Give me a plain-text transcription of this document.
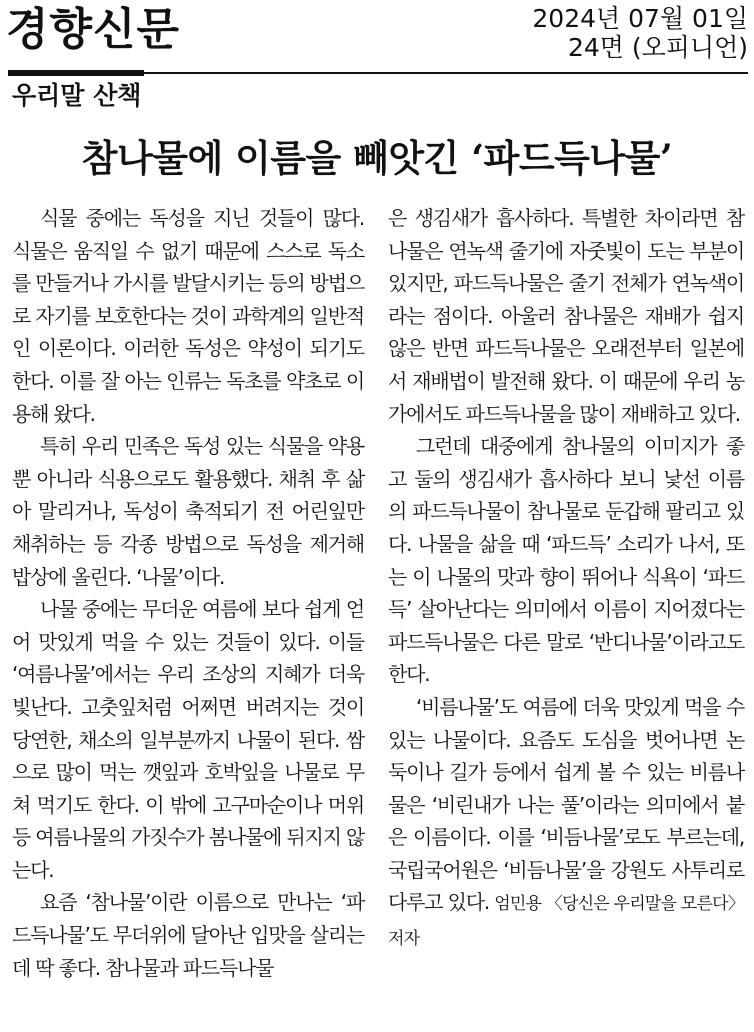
경향신문	2024년 07월 01일
24면 (오피니언)
우리말 산책
참나물에 이름을 빼앗긴 ‘파드득나물’

식물 중에는 독성을 지닌 것들이 많다. 식물은 움직일 수 없기 때문에 스스로 독소를 만들거나 가시를 발달시키는 등의 방법으로 자기를 보호한다는 것이 과학계의 일반적인 이론이다. 이러한 독성은 약성이 되기도 한다. 이를 잘 아는 인류는 독초를 약초로 이용해 왔다.

특히 우리 민족은 독성 있는 식물을 약용뿐 아니라 식용으로도 활용했다. 채취 후 삶아 말리거나, 독성이 축적되기 전 어린잎만 채취하는 등 각종 방법으로 독성을 제거해 밥상에 올린다. ‘나물’이다.

나물 중에는 무더운 여름에 보다 쉽게 얻어 맛있게 먹을 수 있는 것들이 있다. 이들 ‘여름나물’에서는 우리 조상의 지혜가 더욱 빛난다. 고춧잎처럼 어쩌면 버려지는 것이 당연한, 채소의 일부분까지 나물이 된다. 쌈으로 많이 먹는 깻잎과 호박잎을 나물로 무쳐 먹기도 한다. 이 밖에 고구마순이나 머위 등 여름나물의 가짓수가 봄나물에 뒤지지 않는다.

요즘 ‘참나물’이란 이름으로 만나는 ‘파드득나물’도 무더위에 달아난 입맛을 살리는 데 딱 좋다. 참나물과 파드득나물

은 생김새가 흡사하다. 특별한 차이라면 참나물은 연녹색 줄기에 자줏빛이 도는 부분이 있지만, 파드득나물은 줄기 전체가 연녹색이라는 점이다. 아울러 참나물은 재배가 쉽지 않은 반면 파드득나물은 오래전부터 일본에서 재배법이 발전해 왔다. 이 때문에 우리 농가에서도 파드득나물을 많이 재배하고 있다.

그런데 대중에게 참나물의 이미지가 좋고 둘의 생김새가 흡사하다 보니 낯선 이름의 파드득나물이 참나물로 둔갑해 팔리고 있다. 나물을 삶을 때 ‘파드득’ 소리가 나서, 또는 이 나물의 맛과 향이 뛰어나 식욕이 ‘파드득’ 살아난다는 의미에서 이름이 지어졌다는 파드득나물은 다른 말로 ‘반디나물’이라고도 한다.

‘비름나물’도 여름에 더욱 맛있게 먹을 수 있는 나물이다. 요즘도 도심을 벗어나면 논둑이나 길가 등에서 쉽게 볼 수 있는 비름나물은 ‘비린내가 나는 풀’이라는 의미에서 붙은 이름이다. 이를 ‘비듬나물’로도 부르는데, 국립국어원은 ‘비듬나물’을 강원도 사투리로 다루고 있다. 엄민용 〈당신은 우리말을 모른다〉 저자
